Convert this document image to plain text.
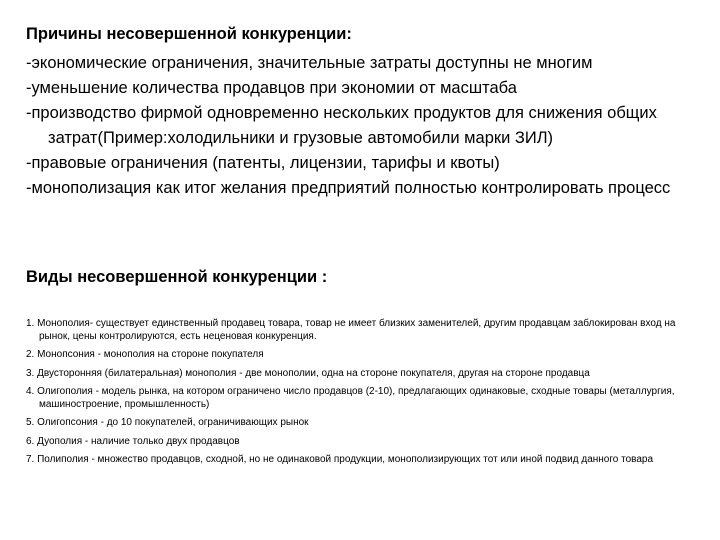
Причины несовершенной конкуренции:
-экономические ограничения, значительные затраты доступны не многим
-уменьшение количества продавцов при экономии от масштаба
-производство фирмой одновременно нескольких продуктов для снижения общих затрат(Пример:холодильники и грузовые автомобили марки ЗИЛ)
-правовые ограничения (патенты, лицензии, тарифы и квоты)
-монополизация как итог желания предприятий полностью контролировать процесс
Виды несовершенной конкуренции :
1. Монополия- существует единственный продавец товара, товар не имеет близких заменителей, другим продавцам заблокирован вход на рынок, цены контролируются, есть неценовая конкуренция.
2. Монопсония - монополия на стороне покупателя
3. Двусторонняя (билатеральная) монополия - две монополии, одна на стороне покупателя, другая на стороне продавца
4. Олигополия - модель рынка, на котором ограничено число продавцов (2-10), предлагающих одинаковые, сходные товары (металлургия, машиностроение, промышленность)
5. Олигопсония - до 10 покупателей, ограничивающих рынок
6. Дуополия - наличие только двух продавцов
7. Полиполия - множество продавцов, сходной, но не одинаковой продукции, монополизирующих тот или иной подвид данного товара
